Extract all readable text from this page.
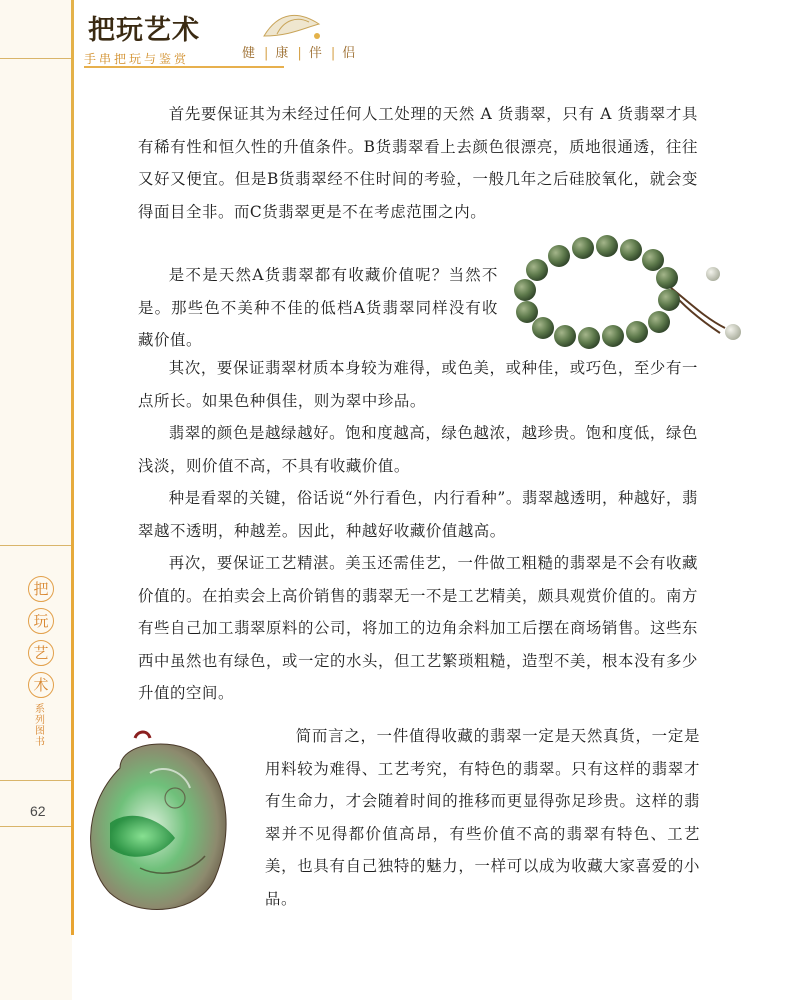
把玩艺术
手串把玩与鉴赏	健 | 康 | 伴 | 侣

首先要保证其为未经过任何人工处理的天然 A 货翡翠，只有 A 货翡翠才具有稀有性和恒久性的升值条件。B货翡翠看上去颜色很漂亮，质地很通透，往往又好又便宜。但是B货翡翠经不住时间的考验，一般几年之后硅胶氧化，就会变得面目全非。而C货翡翠更是不在考虑范围之内。

是不是天然A货翡翠都有收藏价值呢？当然不是。那些色不美种不佳的低档A货翡翠同样没有收藏价值。

其次，要保证翡翠材质本身较为难得，或色美，或种佳，或巧色，至少有一点所长。如果色种俱佳，则为翠中珍品。

翡翠的颜色是越绿越好。饱和度越高，绿色越浓，越珍贵。饱和度低，绿色浅淡，则价值不高，不具有收藏价值。

种是看翠的关键，俗话说“外行看色，内行看种”。翡翠越透明，种越好，翡翠越不透明，种越差。因此，种越好收藏价值越高。

再次，要保证工艺精湛。美玉还需佳艺，一件做工粗糙的翡翠是不会有收藏价值的。在拍卖会上高价销售的翡翠无一不是工艺精美，颇具观赏价值的。南方有些自己加工翡翠原料的公司，将加工的边角余料加工后摆在商场销售。这些东西中虽然也有绿色，或一定的水头，但工艺繁琐粗糙，造型不美，根本没有多少升值的空间。

简而言之，一件值得收藏的翡翠一定是天然真货，一定是用料较为难得、工艺考究，有特色的翡翠。只有这样的翡翠才有生命力，才会随着时间的推移而更显得弥足珍贵。这样的翡翠并不见得都价值高昂，有些价值不高的翡翠有特色、工艺美，也具有自己独特的魅力，一样可以成为收藏大家喜爱的小品。

把
玩
艺
术
系
列
图
书
62
